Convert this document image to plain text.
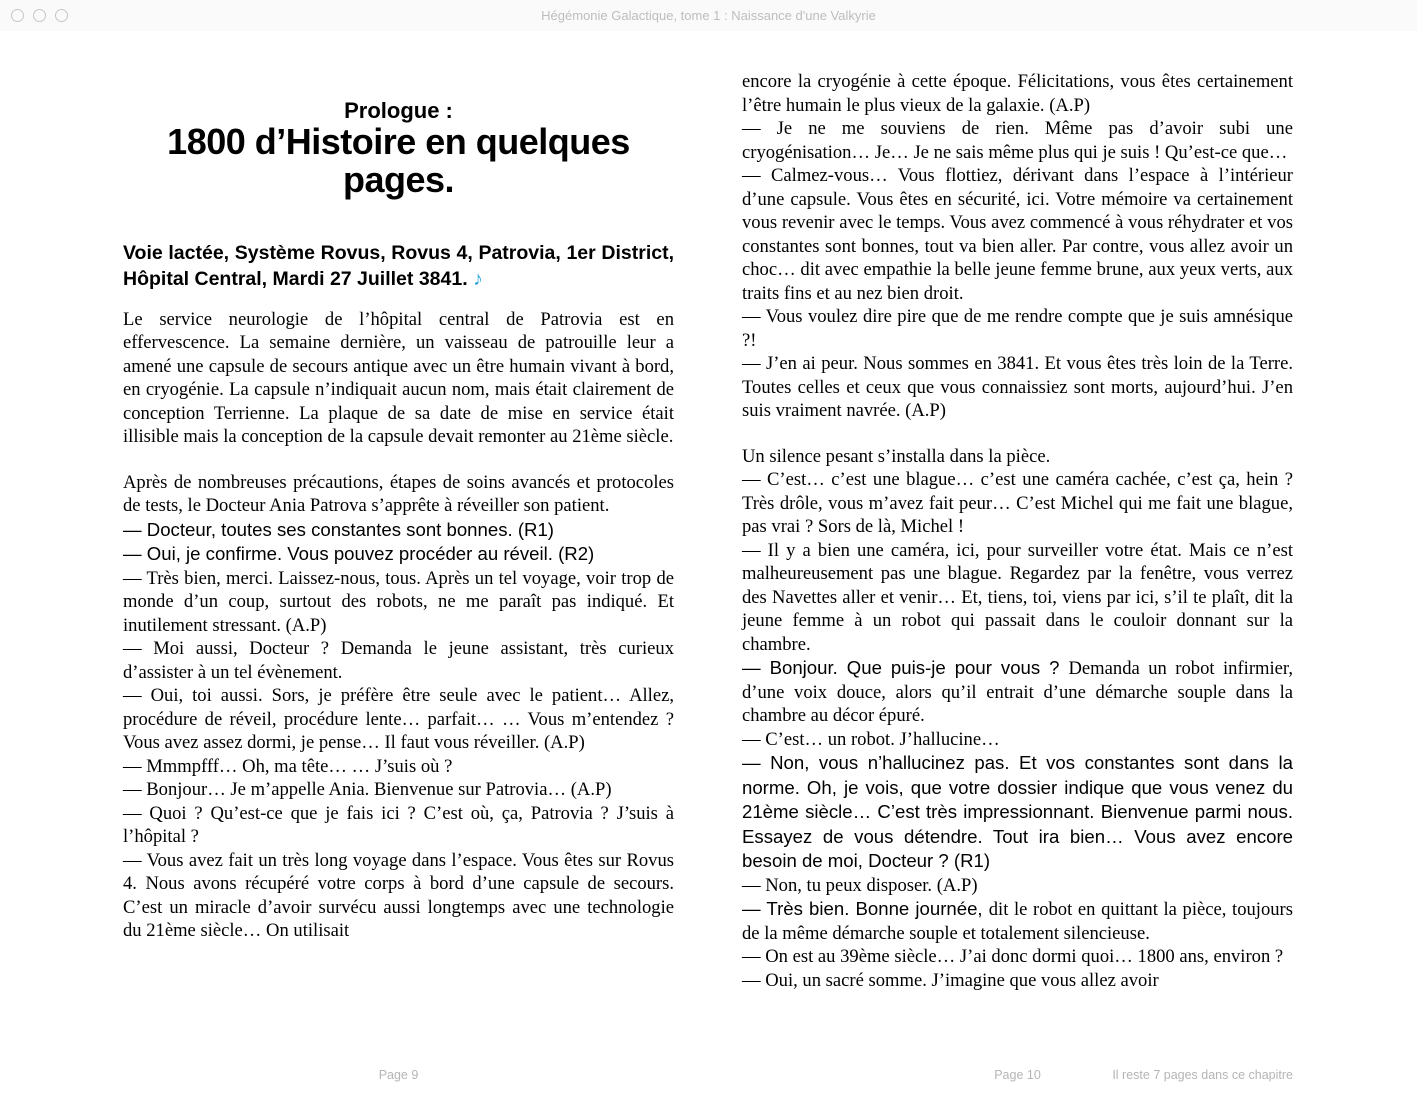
Hégémonie Galactique, tome 1 : Naissance d'une Valkyrie
Prologue :
1800 d’Histoire en quelques pages.
Voie lactée, Système Rovus, Rovus 4, Patrovia, 1er District, Hôpital Central, Mardi 27 Juillet 3841. ♪

Le service neurologie de l’hôpital central de Patrovia est en effervescence. La semaine dernière, un vaisseau de patrouille leur a amené une capsule de secours antique avec un être humain vivant à bord, en cryogénie. La capsule n’indiquait aucun nom, mais était clairement de conception Terrienne. La plaque de sa date de mise en service était illisible mais la conception de la capsule devait remonter au 21ème siècle.

Après de nombreuses précautions, étapes de soins avancés et protocoles de tests, le Docteur Ania Patrova s’apprête à réveiller son patient.

— Docteur, toutes ses constantes sont bonnes. (R1)

— Oui, je confirme. Vous pouvez procéder au réveil. (R2)

— Très bien, merci. Laissez-nous, tous. Après un tel voyage, voir trop de monde d’un coup, surtout des robots, ne me paraît pas indiqué. Et inutilement stressant. (A.P)

— Moi aussi, Docteur ? Demanda le jeune assistant, très curieux d’assister à un tel évènement.

— Oui, toi aussi. Sors, je préfère être seule avec le patient… Allez, procédure de réveil, procédure lente… parfait… … Vous m’entendez ? Vous avez assez dormi, je pense… Il faut vous réveiller. (A.P)

— Mmmpfff… Oh, ma tête… … J’suis où ?

— Bonjour… Je m’appelle Ania. Bienvenue sur Patrovia… (A.P)

— Quoi ? Qu’est-ce que je fais ici ? C’est où, ça, Patrovia ? J’suis à l’hôpital ?

— Vous avez fait un très long voyage dans l’espace. Vous êtes sur Rovus 4. Nous avons récupéré votre corps à bord d’une capsule de secours. C’est un miracle d’avoir survécu aussi longtemps avec une technologie du 21ème siècle… On utilisait

encore la cryogénie à cette époque. Félicitations, vous êtes certainement l’être humain le plus vieux de la galaxie. (A.P)

— Je ne me souviens de rien. Même pas d’avoir subi une cryogénisation… Je… Je ne sais même plus qui je suis ! Qu’est-ce que…

— Calmez-vous… Vous flottiez, dérivant dans l’espace à l’intérieur d’une capsule. Vous êtes en sécurité, ici. Votre mémoire va certainement vous revenir avec le temps. Vous avez commencé à vous réhydrater et vos constantes sont bonnes, tout va bien aller. Par contre, vous allez avoir un choc… dit avec empathie la belle jeune femme brune, aux yeux verts, aux traits fins et au nez bien droit.

— Vous voulez dire pire que de me rendre compte que je suis amnésique ?!

— J’en ai peur. Nous sommes en 3841. Et vous êtes très loin de la Terre. Toutes celles et ceux que vous connaissiez sont morts, aujourd’hui. J’en suis vraiment navrée. (A.P)

Un silence pesant s’installa dans la pièce.

— C’est… c’est une blague… c’est une caméra cachée, c’est ça, hein ? Très drôle, vous m’avez fait peur… C’est Michel qui me fait une blague, pas vrai ? Sors de là, Michel !

— Il y a bien une caméra, ici, pour surveiller votre état. Mais ce n’est malheureusement pas une blague. Regardez par la fenêtre, vous verrez des Navettes aller et venir… Et, tiens, toi, viens par ici, s’il te plaît, dit la jeune femme à un robot qui passait dans le couloir donnant sur la chambre.

— Bonjour. Que puis-je pour vous ? Demanda un robot infirmier, d’une voix douce, alors qu’il entrait d’une démarche souple dans la chambre au décor épuré.

— C’est… un robot. J’hallucine…

— Non, vous n’hallucinez pas. Et vos constantes sont dans la norme. Oh, je vois, que votre dossier indique que vous venez du 21ème siècle… C’est très impressionnant. Bienvenue parmi nous. Essayez de vous détendre. Tout ira bien… Vous avez encore besoin de moi, Docteur ? (R1)

— Non, tu peux disposer. (A.P)

— Très bien. Bonne journée, dit le robot en quittant la pièce, toujours de la même démarche souple et totalement silencieuse.

— On est au 39ème siècle… J’ai donc dormi quoi… 1800 ans, environ ?

— Oui, un sacré somme. J’imagine que vous allez avoir

Page 9	Page 10	Il reste 7 pages dans ce chapitre
